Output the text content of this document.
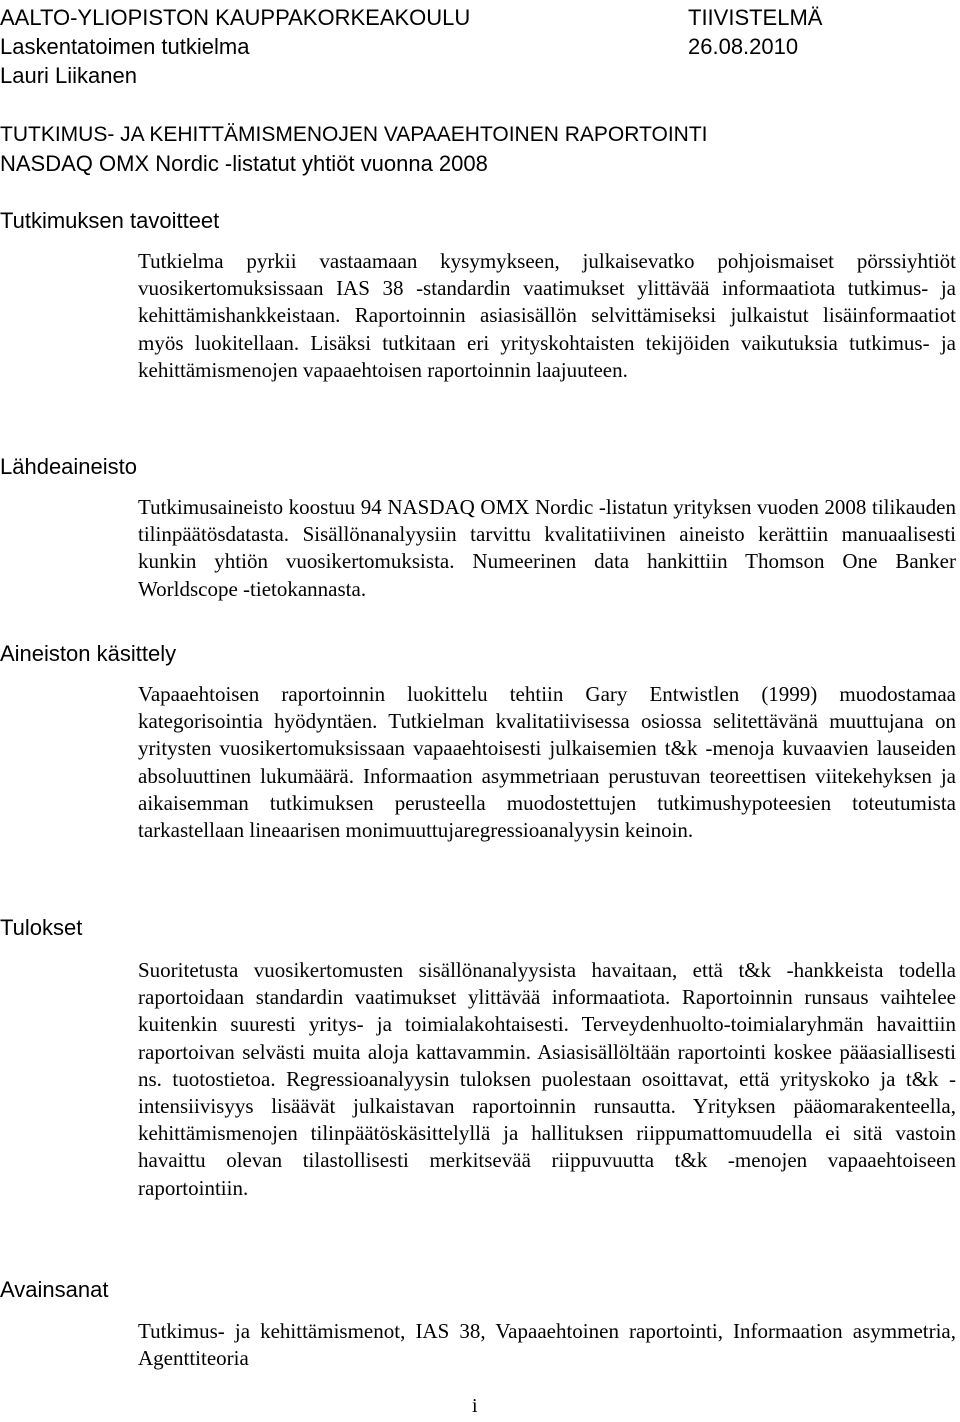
AALTO-YLIOPISTON KAUPPAKORKEAKOULU	TIIVISTELMÄ
Laskentatoimen tutkielma	26.08.2010
Lauri Liikanen
TUTKIMUS- JA KEHITTÄMISMENOJEN VAPAAEHTOINEN RAPORTOINTI
NASDAQ OMX Nordic -listatut yhtiöt vuonna 2008
Tutkimuksen tavoitteet
Tutkielma pyrkii vastaamaan kysymykseen, julkaisevatko pohjoismaiset pörssiyhtiöt vuosikertomuksissaan IAS 38 -standardin vaatimukset ylittävää informaatiota tutkimus- ja kehittämishankkeistaan. Raportoinnin asiasisällön selvittämiseksi julkaistut lisäinformaatiot myös luokitellaan. Lisäksi tutkitaan eri yrityskohtaisten tekijöiden vaikutuksia tutkimus- ja kehittämismenojen vapaaehtoisen raportoinnin laajuuteen.
Lähdeaineisto
Tutkimusaineisto koostuu 94 NASDAQ OMX Nordic -listatun yrityksen vuoden 2008 tilikauden tilinpäätösdatasta. Sisällönanalyysiin tarvittu kvalitatiivinen aineisto kerättiin manuaalisesti kunkin yhtiön vuosikertomuksista. Numeerinen data hankittiin Thomson One Banker Worldscope -tietokannasta.
Aineiston käsittely
Vapaaehtoisen raportoinnin luokittelu tehtiin Gary Entwistlen (1999) muodostamaa kategorisointia hyödyntäen. Tutkielman kvalitatiivisessa osiossa selitettävänä muuttujana on yritysten vuosikertomuksissaan vapaaehtoisesti julkaisemien t&k -menoja kuvaavien lauseiden absoluuttinen lukumäärä. Informaation asymmetriaan perustuvan teoreettisen viitekehyksen ja aikaisemman tutkimuksen perusteella muodostettujen tutkimushypoteesien toteutumista tarkastellaan lineaarisen monimuuttujaregressioanalyysin keinoin.
Tulokset
Suoritetusta vuosikertomusten sisällönanalyysista havaitaan, että t&k -hankkeista todella raportoidaan standardin vaatimukset ylittävää informaatiota. Raportoinnin runsaus vaihtelee kuitenkin suuresti yritys- ja toimialakohtaisesti. Terveydenhuolto-toimialaryhmän havaittiin raportoivan selvästi muita aloja kattavammin. Asiasisällöltään raportointi koskee pääasiallisesti ns. tuotostietoa. Regressioanalyysin tuloksen puolestaan osoittavat, että yrityskoko ja t&k -intensiivisyys lisäävät julkaistavan raportoinnin runsautta. Yrityksen pääomarakenteella, kehittämismenojen tilinpäätöskäsittelyllä ja hallituksen riippumattomuudella ei sitä vastoin havaittu olevan tilastollisesti merkitsevää riippuvuutta t&k -menojen vapaaehtoiseen raportointiin.
Avainsanat
Tutkimus- ja kehittämismenot, IAS 38, Vapaaehtoinen raportointi, Informaation asymmetria, Agenttiteoria
i
